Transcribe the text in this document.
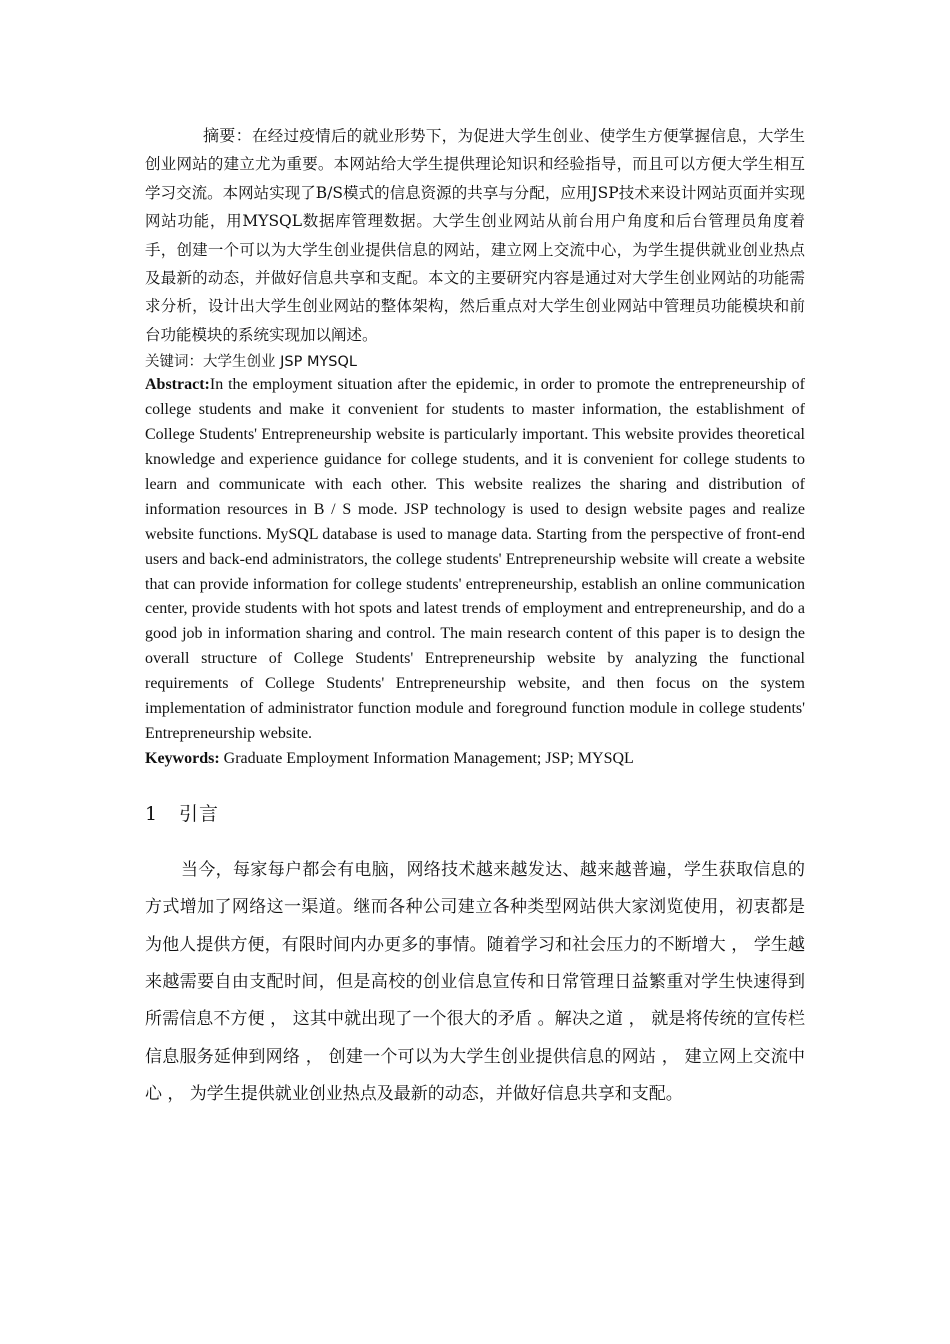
摘要：在经过疫情后的就业形势下，为促进大学生创业、使学生方便掌握信息，大学生创业网站的建立尤为重要。本网站给大学生提供理论知识和经验指导，而且可以方便大学生相互学习交流。本网站实现了B/S模式的信息资源的共享与分配，应用JSP技术来设计网站页面并实现网站功能，用MYSQL数据库管理数据。大学生创业网站从前台用户角度和后台管理员角度着手，创建一个可以为大学生创业提供信息的网站，建立网上交流中心，为学生提供就业创业热点及最新的动态，并做好信息共享和支配。本文的主要研究内容是通过对大学生创业网站的功能需求分析，设计出大学生创业网站的整体架构，然后重点对大学生创业网站中管理员功能模块和前台功能模块的系统实现加以阐述。

关键词：大学生创业 JSP MYSQL

Abstract:In the employment situation after the epidemic, in order to promote the entrepreneurship of college students and make it convenient for students to master information, the establishment of College Students' Entrepreneurship website is particularly important. This website provides theoretical knowledge and experience guidance for college students, and it is convenient for college students to learn and communicate with each other. This website realizes the sharing and distribution of information resources in B / S mode. JSP technology is used to design website pages and realize website functions. MySQL database is used to manage data. Starting from the perspective of front-end users and back-end administrators, the college students' Entrepreneurship website will create a website that can provide information for college students' entrepreneurship, establish an online communication center, provide students with hot spots and latest trends of employment and entrepreneurship, and do a good job in information sharing and control. The main research content of this paper is to design the overall structure of College Students' Entrepreneurship website by analyzing the functional requirements of College Students' Entrepreneurship website, and then focus on the system implementation of administrator function module and foreground function module in college students' Entrepreneurship website.

Keywords: Graduate Employment Information Management; JSP; MYSQL

1 引言

当今，每家每户都会有电脑，网络技术越来越发达、越来越普遍，学生获取信息的方式增加了网络这一渠道。继而各种公司建立各种类型网站供大家浏览使用，初衷都是为他人提供方便，有限时间内办更多的事情。随着学习和社会压力的不断增大 ， 学生越来越需要自由支配时间，但是高校的创业信息宣传和日常管理日益繁重对学生快速得到所需信息不方便 ， 这其中就出现了一个很大的矛盾 。解决之道 ， 就是将传统的宣传栏信息服务延伸到网络 ， 创建一个可以为大学生创业提供信息的网站 ， 建立网上交流中心 ， 为学生提供就业创业热点及最新的动态，并做好信息共享和支配。
